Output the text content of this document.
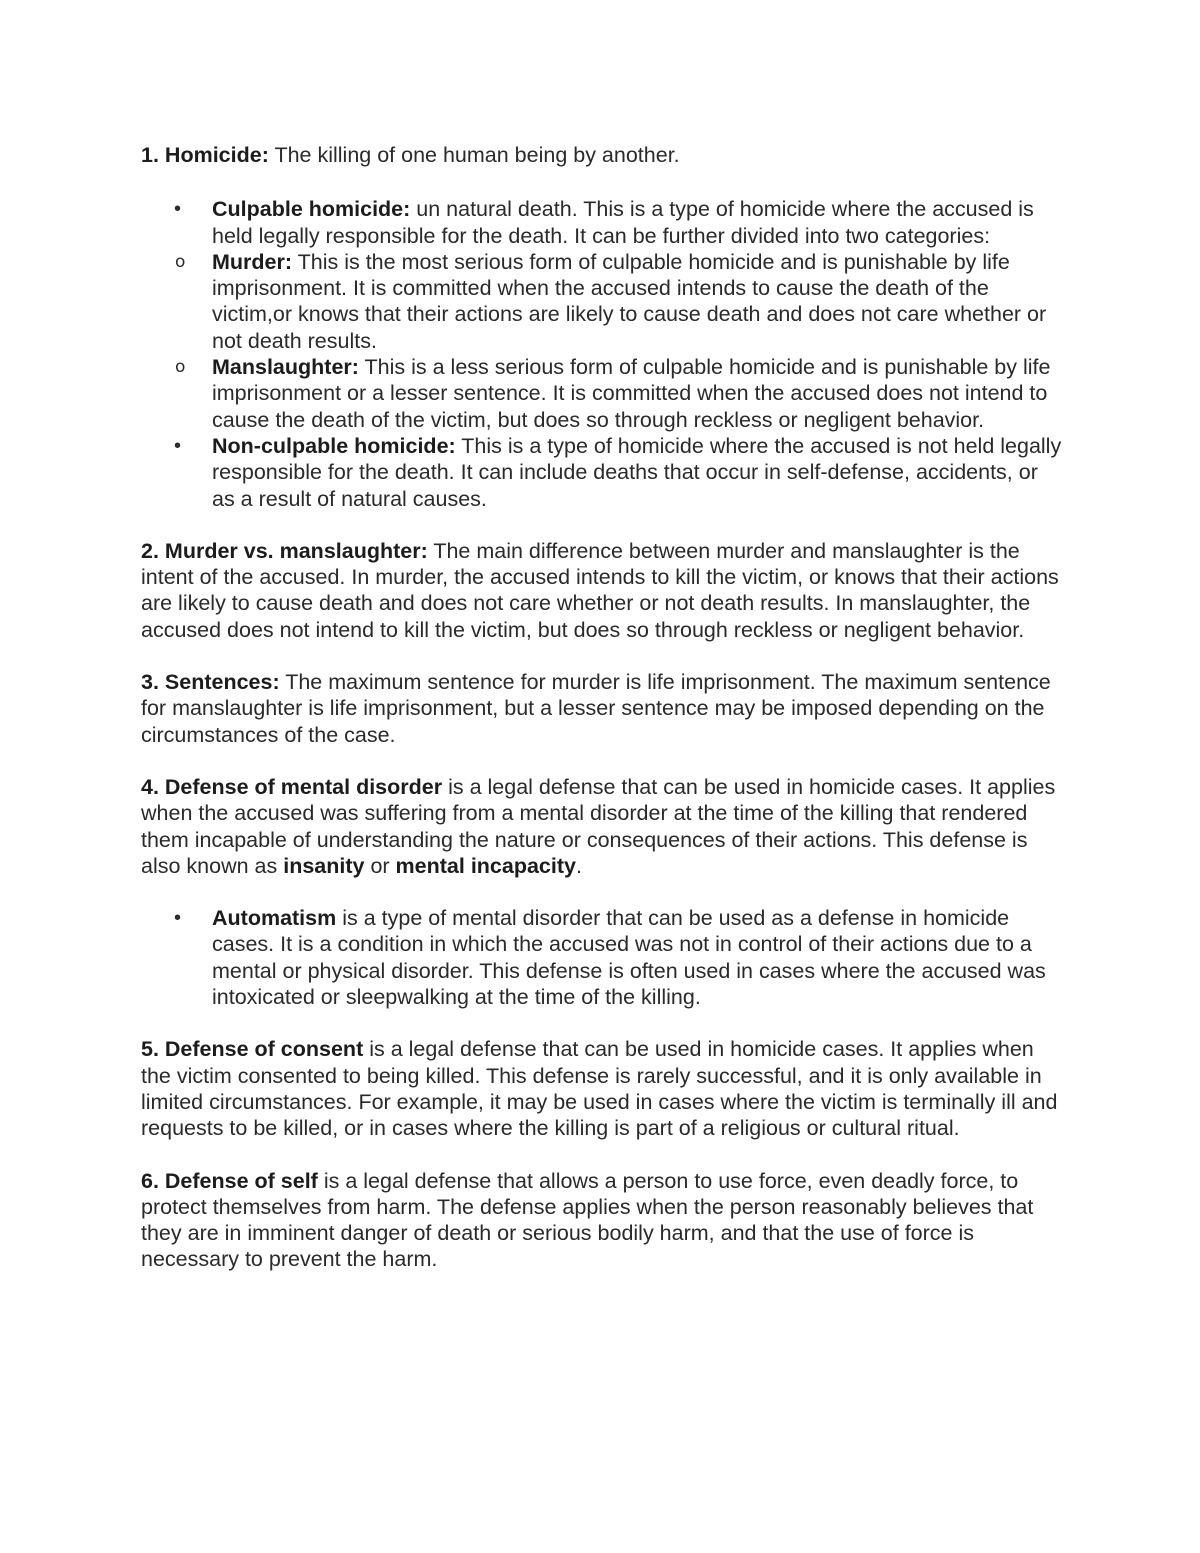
1. Homicide: The killing of one human being by another.

• Culpable homicide: un natural death. This is a type of homicide where the accused is held legally responsible for the death. It can be further divided into two categories:
o Murder: This is the most serious form of culpable homicide and is punishable by life imprisonment. It is committed when the accused intends to cause the death of the victim,or knows that their actions are likely to cause death and does not care whether or not death results.
o Manslaughter: This is a less serious form of culpable homicide and is punishable by life imprisonment or a lesser sentence. It is committed when the accused does not intend to cause the death of the victim, but does so through reckless or negligent behavior.
• Non-culpable homicide: This is a type of homicide where the accused is not held legally responsible for the death. It can include deaths that occur in self-defense, accidents, or as a result of natural causes.

2. Murder vs. manslaughter: The main difference between murder and manslaughter is the intent of the accused. In murder, the accused intends to kill the victim, or knows that their actions are likely to cause death and does not care whether or not death results. In manslaughter, the accused does not intend to kill the victim, but does so through reckless or negligent behavior.

3. Sentences: The maximum sentence for murder is life imprisonment. The maximum sentence for manslaughter is life imprisonment, but a lesser sentence may be imposed depending on the circumstances of the case.

4. Defense of mental disorder is a legal defense that can be used in homicide cases. It applies when the accused was suffering from a mental disorder at the time of the killing that rendered them incapable of understanding the nature or consequences of their actions. This defense is also known as insanity or mental incapacity.

• Automatism is a type of mental disorder that can be used as a defense in homicide cases. It is a condition in which the accused was not in control of their actions due to a mental or physical disorder. This defense is often used in cases where the accused was intoxicated or sleepwalking at the time of the killing.

5. Defense of consent is a legal defense that can be used in homicide cases. It applies when the victim consented to being killed. This defense is rarely successful, and it is only available in limited circumstances. For example, it may be used in cases where the victim is terminally ill and requests to be killed, or in cases where the killing is part of a religious or cultural ritual.

6. Defense of self is a legal defense that allows a person to use force, even deadly force, to protect themselves from harm. The defense applies when the person reasonably believes that they are in imminent danger of death or serious bodily harm, and that the use of force is necessary to prevent the harm.
